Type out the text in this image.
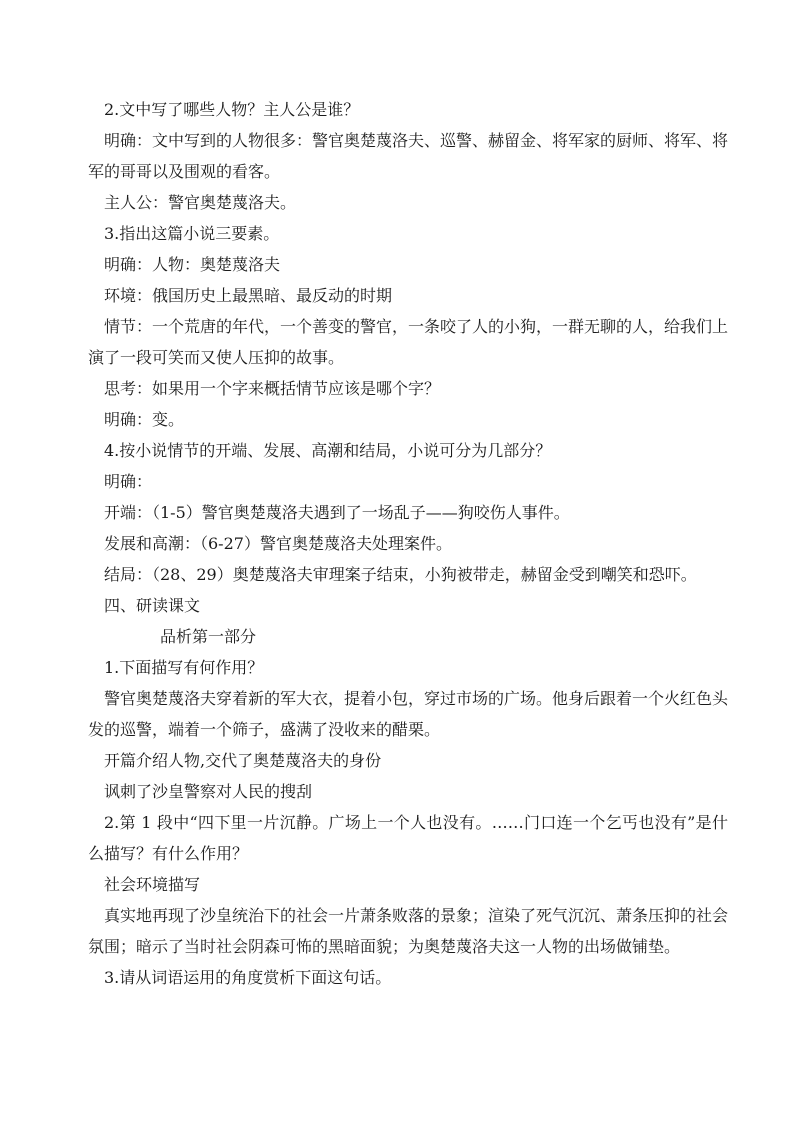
2.文中写了哪些人物？主人公是谁？
明确：文中写到的人物很多：警官奥楚蔑洛夫、巡警、赫留金、将军家的厨师、将军、将
军的哥哥以及围观的看客。
主人公：警官奥楚蔑洛夫。
3.指出这篇小说三要素。
明确：人物：奥楚蔑洛夫
环境：俄国历史上最黑暗、最反动的时期
情节：一个荒唐的年代，一个善变的警官，一条咬了人的小狗，一群无聊的人，给我们上
演了一段可笑而又使人压抑的故事。
思考：如果用一个字来概括情节应该是哪个字？
明确：变。
4.按小说情节的开端、发展、高潮和结局，小说可分为几部分？
明确：
开端：（1-5）警官奥楚蔑洛夫遇到了一场乱子——狗咬伤人事件。
发展和高潮：（6-27）警官奥楚蔑洛夫处理案件。
结局：（28、29）奥楚蔑洛夫审理案子结束，小狗被带走，赫留金受到嘲笑和恐吓。
四、研读课文
品析第一部分
1.下面描写有何作用？
警官奥楚蔑洛夫穿着新的军大衣，提着小包，穿过市场的广场。他身后跟着一个火红色头
发的巡警，端着一个筛子，盛满了没收来的醋栗。
开篇介绍人物,交代了奥楚蔑洛夫的身份
讽刺了沙皇警察对人民的搜刮
2.第 1 段中“四下里一片沉静。广场上一个人也没有。……门口连一个乞丐也没有”是什
么描写？有什么作用？
社会环境描写
真实地再现了沙皇统治下的社会一片萧条败落的景象；渲染了死气沉沉、萧条压抑的社会
氛围；暗示了当时社会阴森可怖的黑暗面貌；为奥楚蔑洛夫这一人物的出场做铺垫。
3.请从词语运用的角度赏析下面这句话。
